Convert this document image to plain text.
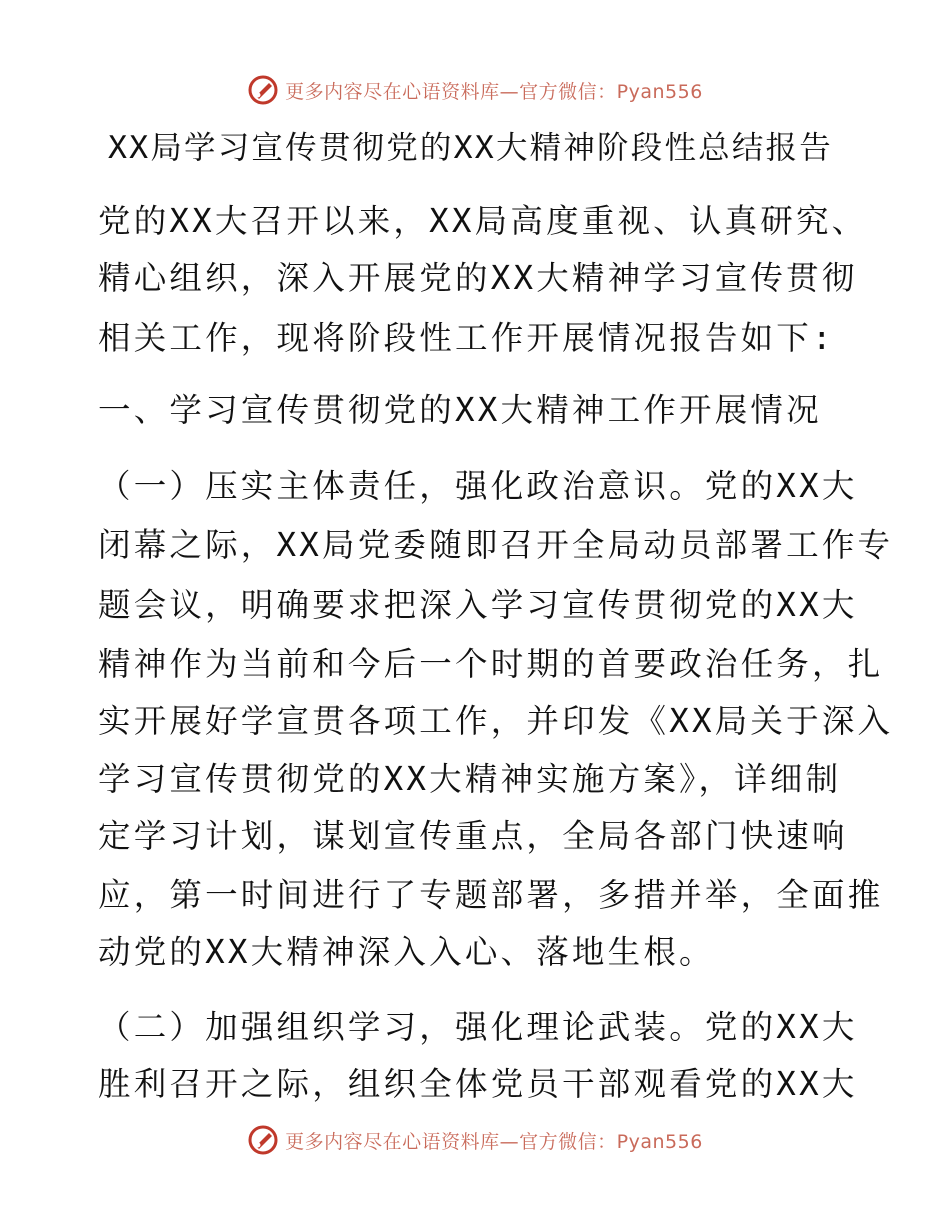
更多内容尽在心语资料库—官方微信：Pyan556
XX局学习宣传贯彻党的XX大精神阶段性总结报告
党的XX大召开以来，XX局高度重视、认真研究、
精心组织，深入开展党的XX大精神学习宣传贯彻
相关工作，现将阶段性工作开展情况报告如下:
一、学习宣传贯彻党的XX大精神工作开展情况
（一）压实主体责任，强化政治意识。党的XX大
闭幕之际，XX局党委随即召开全局动员部署工作专
题会议，明确要求把深入学习宣传贯彻党的XX大
精神作为当前和今后一个时期的首要政治任务，扎
实开展好学宣贯各项工作，并印发《XX局关于深入
学习宣传贯彻党的XX大精神实施方案》，详细制
定学习计划，谋划宣传重点，全局各部门快速响
应，第一时间进行了专题部署，多措并举，全面推
动党的XX大精神深入入心、落地生根。
（二）加强组织学习，强化理论武装。党的XX大
胜利召开之际，组织全体党员干部观看党的XX大
更多内容尽在心语资料库—官方微信：Pyan556
